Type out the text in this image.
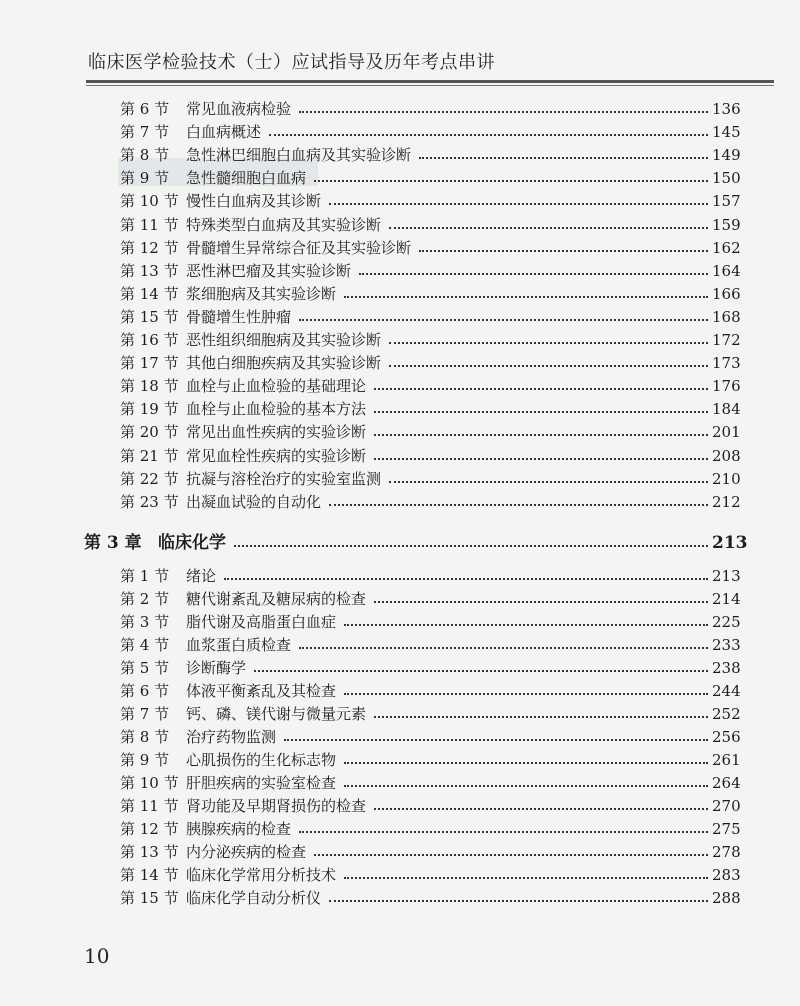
临床医学检验技术（士）应试指导及历年考点串讲
第 6 节	常见血液病检验	136
第 7 节	白血病概述	145
第 8 节	急性淋巴细胞白血病及其实验诊断	149
第 9 节	急性髓细胞白血病	150
第 10 节 慢性白血病及其诊断	157
第 11 节 特殊类型白血病及其实验诊断	159
第 12 节 骨髓增生异常综合征及其实验诊断	162
第 13 节 恶性淋巴瘤及其实验诊断	164
第 14 节 浆细胞病及其实验诊断	166
第 15 节 骨髓增生性肿瘤	168
第 16 节 恶性组织细胞病及其实验诊断	172
第 17 节 其他白细胞疾病及其实验诊断	173
第 18 节 血栓与止血检验的基础理论	176
第 19 节 血栓与止血检验的基本方法	184
第 20 节 常见出血性疾病的实验诊断	201
第 21 节 常见血栓性疾病的实验诊断	208
第 22 节 抗凝与溶栓治疗的实验室监测	210
第 23 节 出凝血试验的自动化	212
第 3 章 临床化学	213
第 1 节	绪论	213
第 2 节	糖代谢紊乱及糖尿病的检查	214
第 3 节	脂代谢及高脂蛋白血症	225
第 4 节	血浆蛋白质检查	233
第 5 节	诊断酶学	238
第 6 节	体液平衡紊乱及其检查	244
第 7 节	钙、磷、镁代谢与微量元素	252
第 8 节	治疗药物监测	256
第 9 节	心肌损伤的生化标志物	261
第 10 节 肝胆疾病的实验室检查	264
第 11 节 肾功能及早期肾损伤的检查	270
第 12 节 胰腺疾病的检查	275
第 13 节 内分泌疾病的检查	278
第 14 节 临床化学常用分析技术	283
第 15 节 临床化学自动分析仪	288
10
